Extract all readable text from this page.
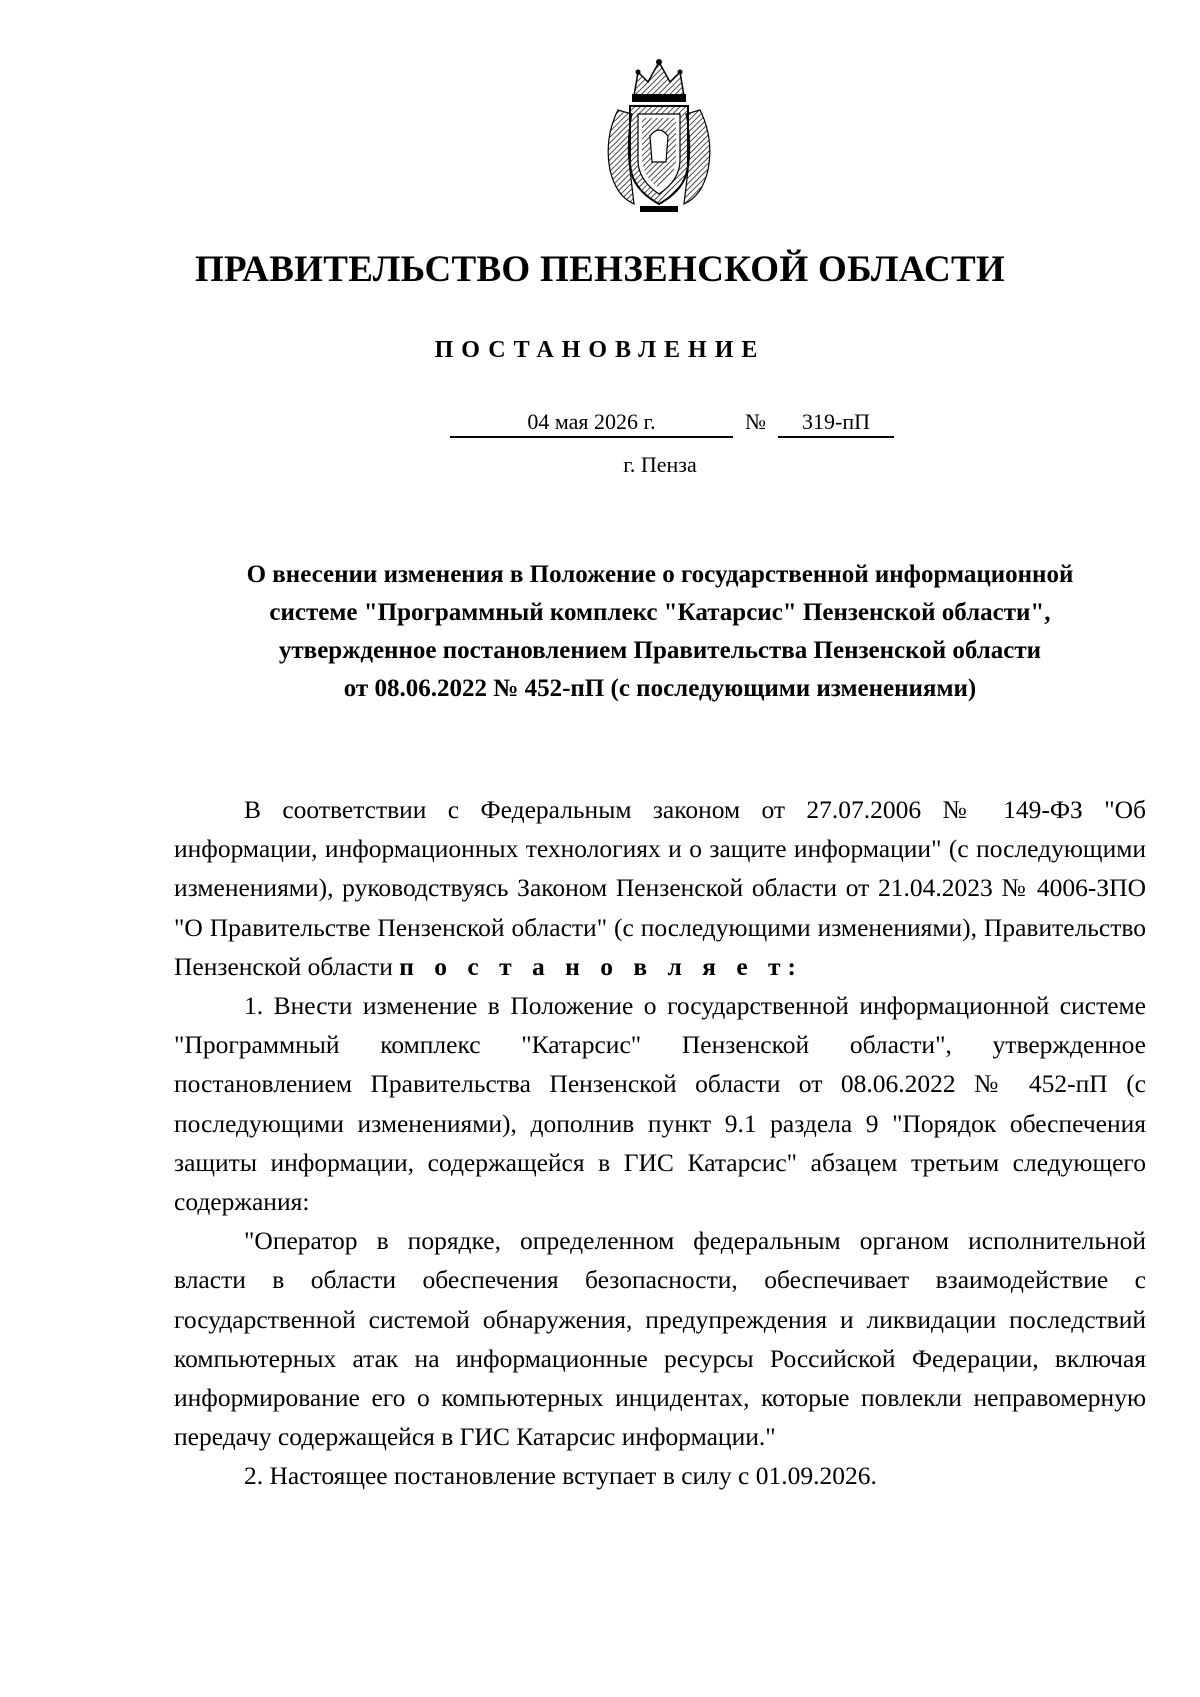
ПРАВИТЕЛЬСТВО ПЕНЗЕНСКОЙ ОБЛАСТИ
ПОСТАНОВЛЕНИЕ
04 мая 2026 г.	№	319-пП
г. Пенза
О внесении изменения в Положение о государственной информационной
системе "Программный комплекс "Катарсис" Пензенской области",
утвержденное постановлением Правительства Пензенской области
от 08.06.2022 № 452-пП (с последующими изменениями)

В соответствии с Федеральным законом от 27.07.2006 № 149-ФЗ "Об информации, информационных технологиях и о защите информации" (с последующими изменениями), руководствуясь Законом Пензенской области от 21.04.2023 № 4006-ЗПО "О Правительстве Пензенской области" (с последующими изменениями), Правительство Пензенской области п о с т а н о в л я е т:

1. Внести изменение в Положение о государственной информационной системе "Программный комплекс "Катарсис" Пензенской области", утвержденное постановлением Правительства Пензенской области от 08.06.2022 № 452-пП (с последующими изменениями), дополнив пункт 9.1 раздела 9 "Порядок обеспечения защиты информации, содержащейся в ГИС Катарсис" абзацем третьим следующего содержания:

"Оператор в порядке, определенном федеральным органом исполнительной власти в области обеспечения безопасности, обеспечивает взаимодействие с государственной системой обнаружения, предупреждения и ликвидации последствий компьютерных атак на информационные ресурсы Российской Федерации, включая информирование его о компьютерных инцидентах, которые повлекли неправомерную передачу содержащейся в ГИС Катарсис информации."

2. Настоящее постановление вступает в силу с 01.09.2026.
